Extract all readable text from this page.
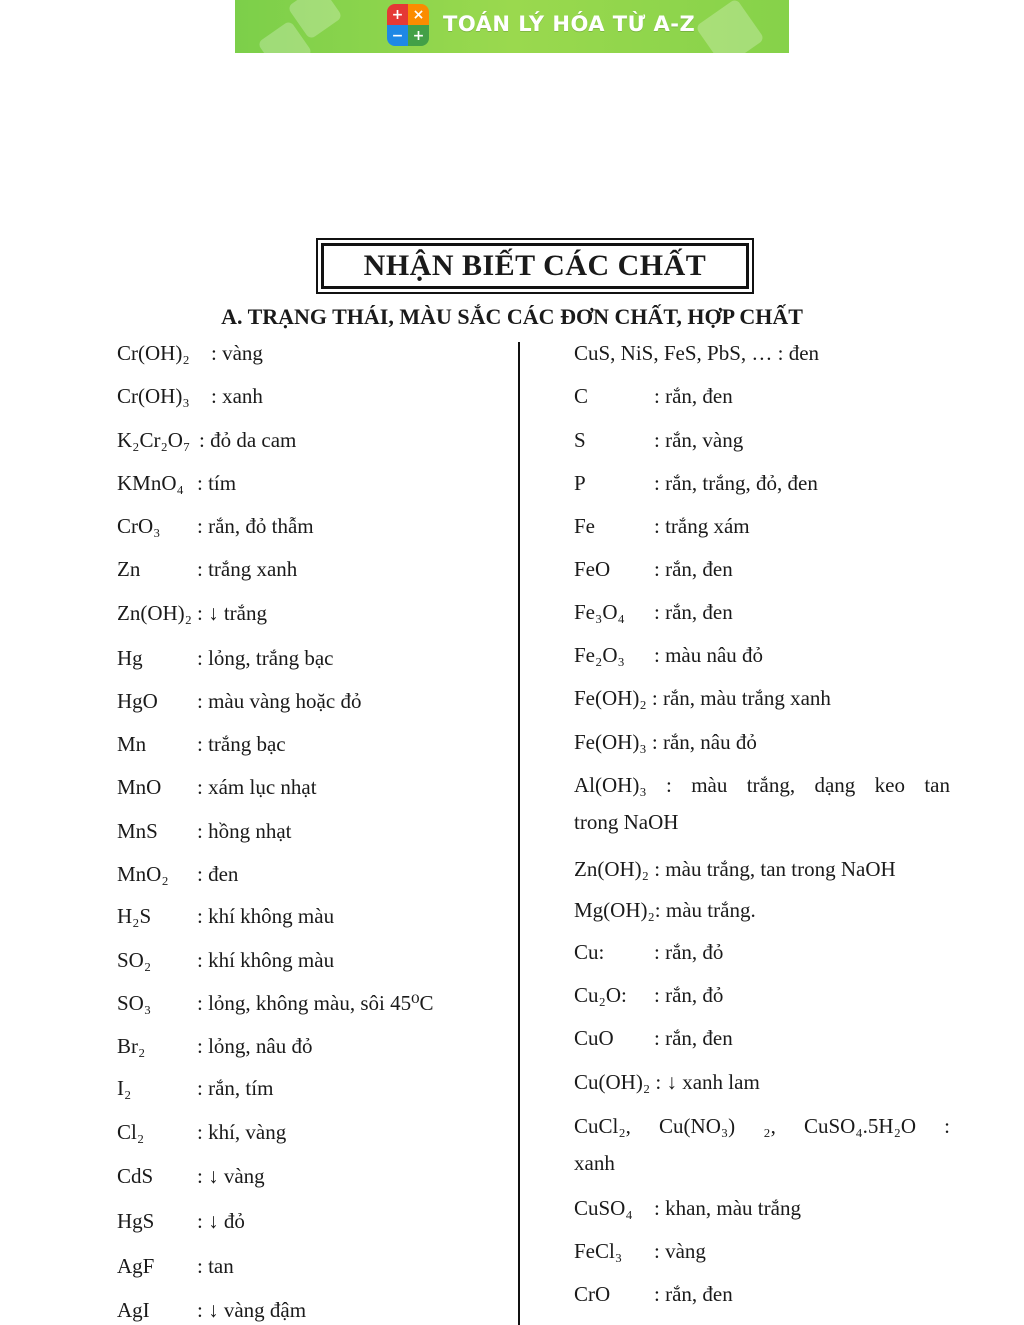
+ ×
− + TOÁN LÝ HÓA TỪ A-Z
NHẬN BIẾT CÁC CHẤT
A. TRẠNG THÁI, MÀU SẮC CÁC ĐƠN CHẤT, HỢP CHẤT
Cr(OH)₂ : vàng
Cr(OH)₃ : xanh
K₂Cr₂O₇ : đỏ da cam
KMnO₄ : tím
CrO₃ : rắn, đỏ thẫm
Zn	: trắng xanh
Zn(OH)₂ : ↓ trắng
Hg	: lỏng, trắng bạc
HgO : màu vàng hoặc đỏ
Mn : trắng bạc
MnO : xám lục nhạt
MnS : hồng nhạt
MnO₂ : đen
H₂S : khí không màu
SO₂ : khí không màu
SO₃ : lỏng, không màu, sôi 45⁰C
Br₂ : lỏng, nâu đỏ
I₂	: rắn, tím
Cl₂	: khí, vàng
CdS : ↓ vàng
HgS : ↓ đỏ
AgF : tan
AgI : ↓ vàng đậm
CuS, NiS, FeS, PbS, … : đen
C	: rắn, đen
S	: rắn, vàng
P	: rắn, trắng, đỏ, đen
Fe	: trắng xám
FeO : rắn, đen
Fe₃O₄ : rắn, đen
Fe₂O₃ : màu nâu đỏ
Fe(OH)₂ : rắn, màu trắng xanh
Fe(OH)₃ : rắn, nâu đỏ
Al(OH)₃ : màu trắng, dạng keo tan
trong NaOH
Zn(OH)₂ : màu trắng, tan trong NaOH
Mg(OH)₂: màu trắng.
Cu: : rắn, đỏ
Cu₂O: : rắn, đỏ
CuO : rắn, đen
Cu(OH)₂ : ↓ xanh lam
CuCl₂, Cu(NO₃) ₂, CuSO₄.5H₂O :
xanh
CuSO₄ : khan, màu trắng
FeCl₃ : vàng
CrO : rắn, đen
